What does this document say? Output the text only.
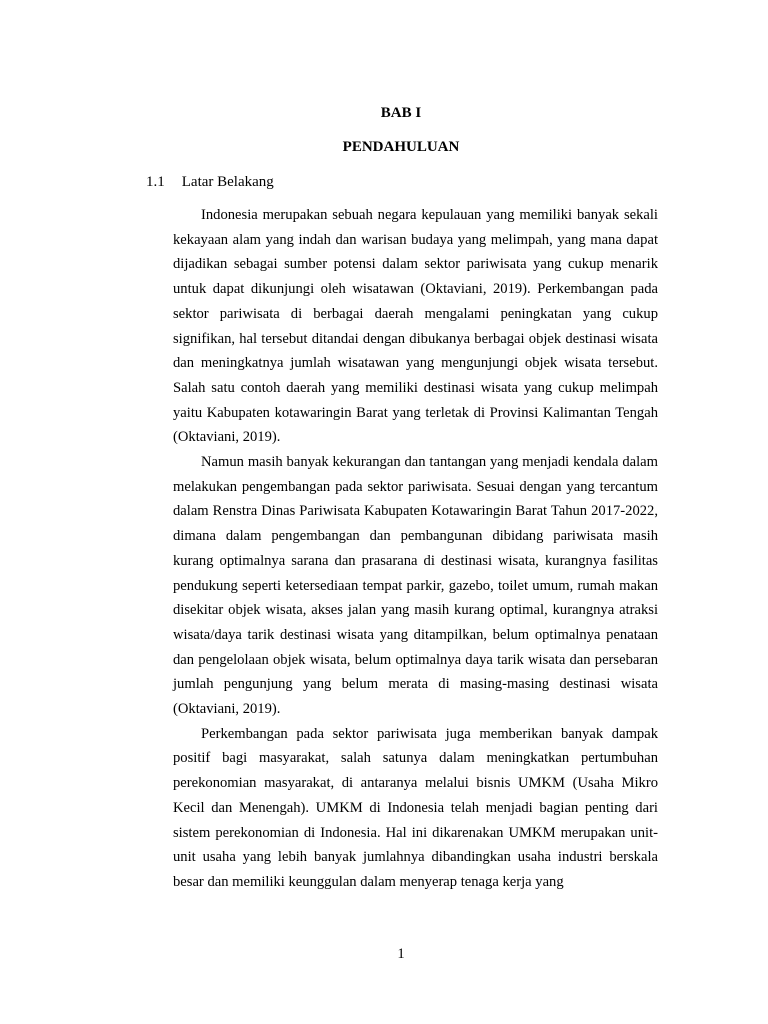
BAB I
PENDAHULUAN
1.1 Latar Belakang

Indonesia merupakan sebuah negara kepulauan yang memiliki banyak sekali kekayaan alam yang indah dan warisan budaya yang melimpah, yang mana dapat dijadikan sebagai sumber potensi dalam sektor pariwisata yang cukup menarik untuk dapat dikunjungi oleh wisatawan (Oktaviani, 2019). Perkembangan pada sektor pariwisata di berbagai daerah mengalami peningkatan yang cukup signifikan, hal tersebut ditandai dengan dibukanya berbagai objek destinasi wisata dan meningkatnya jumlah wisatawan yang mengunjungi objek wisata tersebut. Salah satu contoh daerah yang memiliki destinasi wisata yang cukup melimpah yaitu Kabupaten kotawaringin Barat yang terletak di Provinsi Kalimantan Tengah (Oktaviani, 2019).

Namun masih banyak kekurangan dan tantangan yang menjadi kendala dalam melakukan pengembangan pada sektor pariwisata. Sesuai dengan yang tercantum dalam Renstra Dinas Pariwisata Kabupaten Kotawaringin Barat Tahun 2017-2022, dimana dalam pengembangan dan pembangunan dibidang pariwisata masih kurang optimalnya sarana dan prasarana di destinasi wisata, kurangnya fasilitas pendukung seperti ketersediaan tempat parkir, gazebo, toilet umum, rumah makan disekitar objek wisata, akses jalan yang masih kurang optimal, kurangnya atraksi wisata/daya tarik destinasi wisata yang ditampilkan, belum optimalnya penataan dan pengelolaan objek wisata, belum optimalnya daya tarik wisata dan persebaran jumlah pengunjung yang belum merata di masing-masing destinasi wisata (Oktaviani, 2019).

Perkembangan pada sektor pariwisata juga memberikan banyak dampak positif bagi masyarakat, salah satunya dalam meningkatkan pertumbuhan perekonomian masyarakat, di antaranya melalui bisnis UMKM (Usaha Mikro Kecil dan Menengah). UMKM di Indonesia telah menjadi bagian penting dari sistem perekonomian di Indonesia. Hal ini dikarenakan UMKM merupakan unit-unit usaha yang lebih banyak jumlahnya dibandingkan usaha industri berskala besar dan memiliki keunggulan dalam menyerap tenaga kerja yang

1
